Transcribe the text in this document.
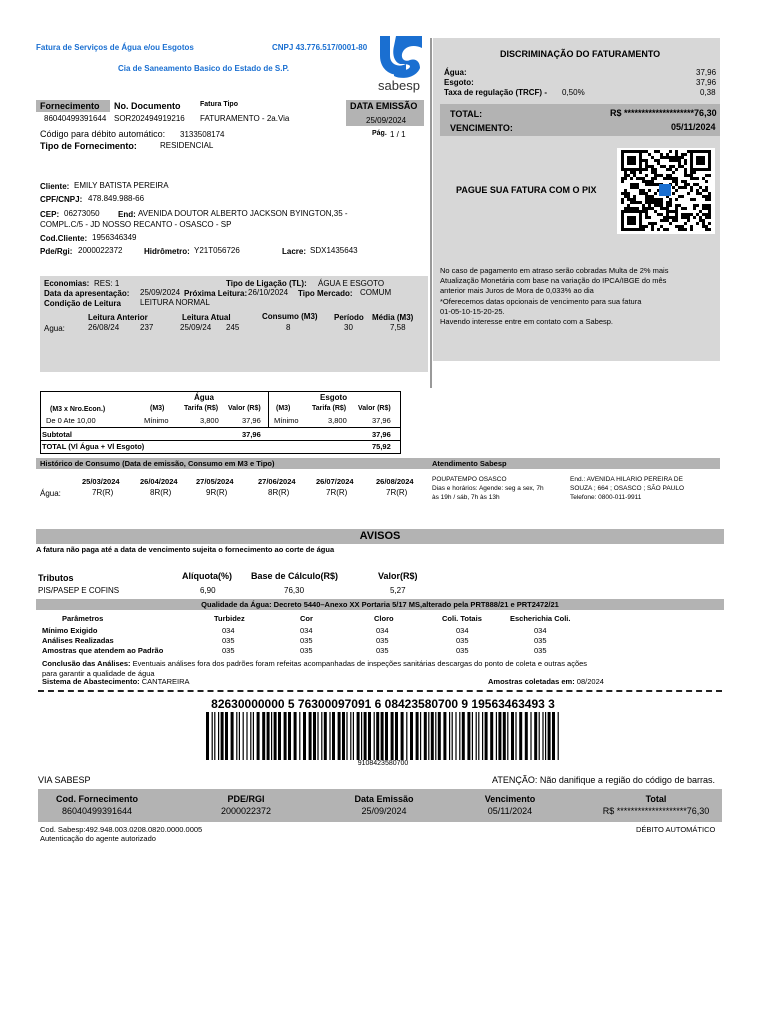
Fatura de Serviços de Água e/ou Esgotos	CNPJ 43.776.517/0001-80
Cia de Saneamento Basico do Estado de S.P.
sabesp
Fornecimento
86040499391644
No. Documento
SOR202494919216
Fatura Tipo
FATURAMENTO - 2a.Via
DATA EMISSÃO
25/09/2024
Código para débito automático: 3133508174	Pág. 1 / 1
Tipo de Fornecimento:	RESIDENCIAL
Cliente: EMILY BATISTA PEREIRA
CPF/CNPJ: 478.849.988-66
CEP: 06273050 End: AVENIDA DOUTOR ALBERTO JACKSON BYINGTON,35 -
COMPL.C/5 - JD NOSSO RECANTO - OSASCO - SP
Cod.Cliente: 1956346349
Pde/Rgi: 2000022372	Hidrômetro: Y21T056726	Lacre: SDX1435643
Economias: RES: 1	Tipo de Ligação (TL): ÁGUA E ESGOTO
Data da apresentação: 25/09/2024 Próxima Leitura: 26/10/2024 Tipo Mercado: COMUM
Condição de Leitura LEITURA NORMAL
Leitura Anterior	Leitura Atual	Consumo (M3) Período Média (M3)
Agua:	26/08/24	237	25/09/24 245	8	30	7,58
DISCRIMINAÇÃO DO FATURAMENTO
Água:	37,96
Esgoto:	37,96
Taxa de regulação (TRCF) - 0,50%	0,38
TOTAL:	R$ ********************76,30
VENCIMENTO:	05/11/2024
PAGUE SUA FATURA COM O PIX
No caso de pagamento em atraso serão cobradas Multa de 2% mais
Atualização Monetária com base na variação do IPCA/IBGE do mês
anterior mais Juros de Mora de 0,033% ao dia
*Oferecemos datas opcionais de vencimento para sua fatura
01-05-10-15-20-25.
Havendo interesse entre em contato com a Sabesp.
Água	Esgoto
(M3 x Nro.Econ.)	(M3)	Tarifa (R$) Valor (R$) (M3)	Tarifa (R$) Valor (R$)
De 0 Ate 10,00	Mínimo	3,800	37,96 Mínimo	3,800	37,96
Subtotal	37,96	37,96
TOTAL (Vl Água + Vl Esgoto)	75,92
Histórico de Consumo (Data de emissão, Consumo em M3 e Tipo)	Atendimento Sabesp
25/03/2024
7R(R)
26/04/2024
8R(R)
27/05/2024
9R(R)
27/06/2024
8R(R)
26/07/2024
7R(R)
26/08/2024
7R(R)
Água:
POUPATEMPO OSASCO
Dias e horários: Agende: seg a sex, 7h
às 19h / sáb, 7h às 13h
End.: AVENIDA HILARIO PEREIRA DE
SOUZA ; 664 ; OSASCO ; SÃO PAULO
Telefone: 0800-011-9911
AVISOS
A fatura não paga até a data de vencimento sujeita o fornecimento ao corte de água
Tributos	Alíquota(%) Base de Cálculo(R$)	Valor(R$)
PIS/PASEP E COFINS	6,90	76,30	5,27
Qualidade da Água: Decreto 5440–Anexo XX Portaria 5/17 MS,alterado pela PRT888/21 e PRT2472/21
Parâmetros	Turbidez	Cor	Cloro	Coli. Totais	Escherichia Coli.
Mínimo Exigido	034	034	034	034	034
Análises Realizadas	035	035	035	035	035
Amostras que atendem ao Padrão	035	035	035	035	035
Conclusão das Análises: Eventuais análises fora dos padrões foram refeitas acompanhadas de inspeções sanitárias descargas do ponto de coleta e outras ações
para garantir a qualidade de água
Sistema de Abastecimento: CANTAREIRA	Amostras coletadas em: 08/2024
82630000000 5 76300097091 6 08423580700 9 19563463493 3
9108423580700
VIA SABESP	ATENÇÃO: Não danifique a região do código de barras.
Cod. Fornecimento
86040499391644
PDE/RGI
2000022372
Data Emissão
25/09/2024
Vencimento
05/11/2024
Total
R$ ********************76,30
Cod. Sabesp:492.948.003.0208.0820.0000.0005
Autenticação do agente autorizado
DÉBITO AUTOMÁTICO
